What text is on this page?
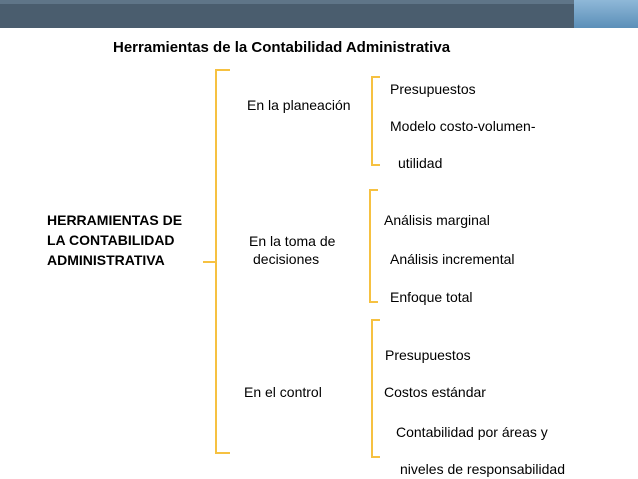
Herramientas de la Contabilidad Administrativa
HERRAMIENTAS DE
LA CONTABILIDAD
ADMINISTRATIVA
En la planeación
Presupuestos
Modelo costo-volumen-
utilidad
En la toma de
decisiones
Análisis marginal
Análisis incremental
Enfoque total
En el control
Presupuestos
Costos estándar
Contabilidad por áreas y
niveles de responsabilidad
